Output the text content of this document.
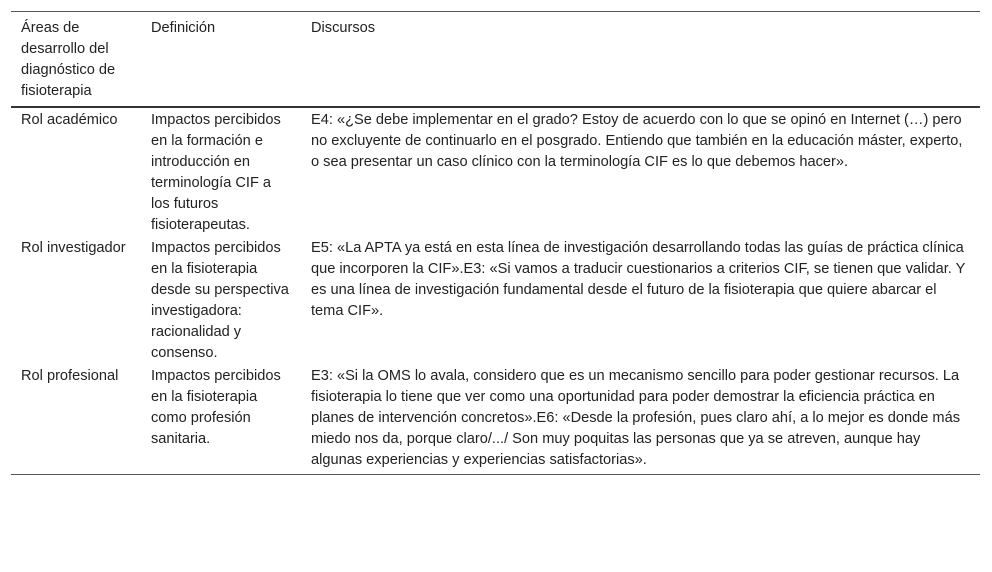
Áreas de desarrollo del diagnóstico de fisioterapia	Definición	Discursos
Rol académico	Impactos percibidos en la formación e introducción en terminología CIF a los futuros fisioterapeutas.	E4: «¿Se debe implementar en el grado? Estoy de acuerdo con lo que se opinó en Internet (…) pero no excluyente de continuarlo en el posgrado. Entiendo que también en la educación máster, experto, o sea presentar un caso clínico con la terminología CIF es lo que debemos hacer».
Rol investigador	Impactos percibidos en la fisioterapia desde su perspectiva investigadora: racionalidad y consenso.	E5: «La APTA ya está en esta línea de investigación desarrollando todas las guías de práctica clínica que incorporen la CIF».E3: «Si vamos a traducir cuestionarios a criterios CIF, se tienen que validar. Y es una línea de investigación fundamental desde el futuro de la fisioterapia que quiere abarcar el tema CIF».
Rol profesional	Impactos percibidos en la fisioterapia como profesión sanitaria.	E3: «Si la OMS lo avala, considero que es un mecanismo sencillo para poder gestionar recursos. La fisioterapia lo tiene que ver como una oportunidad para poder demostrar la eficiencia práctica en planes de intervención concretos».E6: «Desde la profesión, pues claro ahí, a lo mejor es donde más miedo nos da, porque claro/.../ Son muy poquitas las personas que ya se atreven, aunque hay algunas experiencias y experiencias satisfactorias».
